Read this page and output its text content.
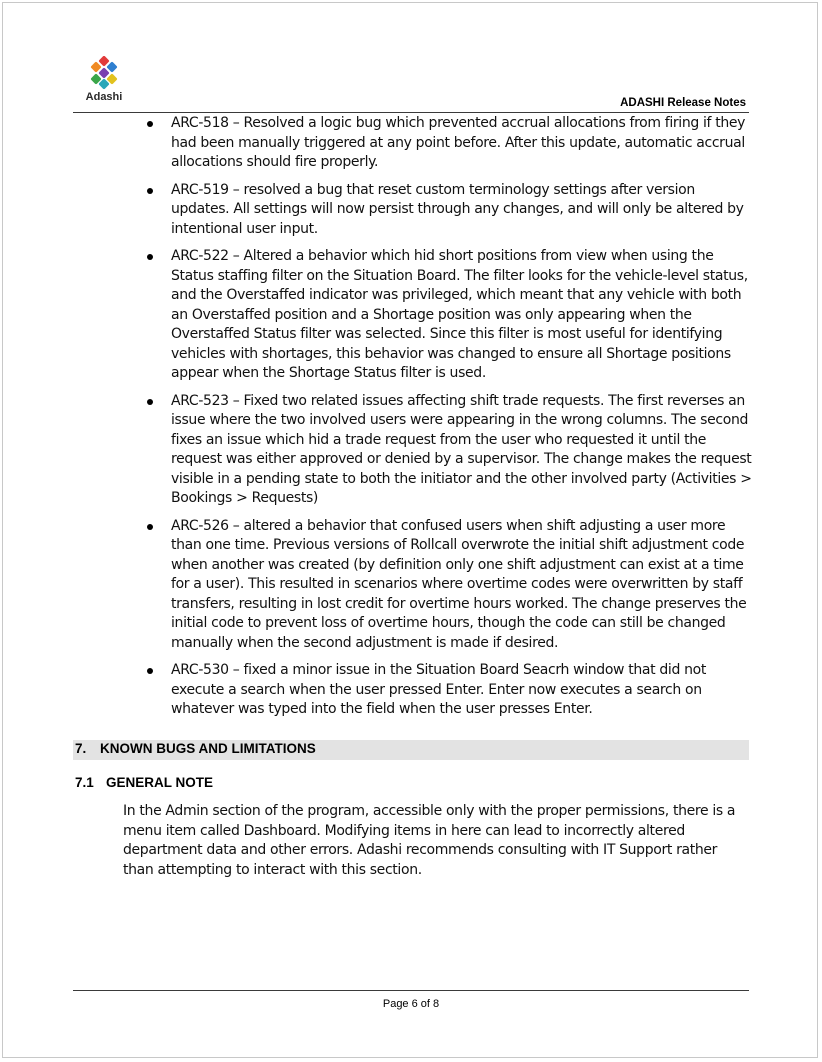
Adashi	ADASHI Release Notes
ARC-518 – Resolved a logic bug which prevented accrual allocations from firing if they had been manually triggered at any point before. After this update, automatic accrual allocations should fire properly.
ARC-519 – resolved a bug that reset custom terminology settings after version updates. All settings will now persist through any changes, and will only be altered by intentional user input.
ARC-522 – Altered a behavior which hid short positions from view when using the Status staffing filter on the Situation Board. The filter looks for the vehicle-level status, and the Overstaffed indicator was privileged, which meant that any vehicle with both an Overstaffed position and a Shortage position was only appearing when the Overstaffed Status filter was selected. Since this filter is most useful for identifying vehicles with shortages, this behavior was changed to ensure all Shortage positions appear when the Shortage Status filter is used.
ARC-523 – Fixed two related issues affecting shift trade requests. The first reverses an issue where the two involved users were appearing in the wrong columns. The second fixes an issue which hid a trade request from the user who requested it until the request was either approved or denied by a supervisor. The change makes the request visible in a pending state to both the initiator and the other involved party (Activities > Bookings > Requests)
ARC-526 – altered a behavior that confused users when shift adjusting a user more than one time. Previous versions of Rollcall overwrote the initial shift adjustment code when another was created (by definition only one shift adjustment can exist at a time for a user). This resulted in scenarios where overtime codes were overwritten by staff transfers, resulting in lost credit for overtime hours worked. The change preserves the initial code to prevent loss of overtime hours, though the code can still be changed manually when the second adjustment is made if desired.
ARC-530 – fixed a minor issue in the Situation Board Seacrh window that did not execute a search when the user pressed Enter. Enter now executes a search on whatever was typed into the field when the user presses Enter.
7. KNOWN BUGS AND LIMITATIONS
7.1 GENERAL NOTE
In the Admin section of the program, accessible only with the proper permissions, there is a menu item called Dashboard. Modifying items in here can lead to incorrectly altered department data and other errors. Adashi recommends consulting with IT Support rather than attempting to interact with this section.
Page 6 of 8
